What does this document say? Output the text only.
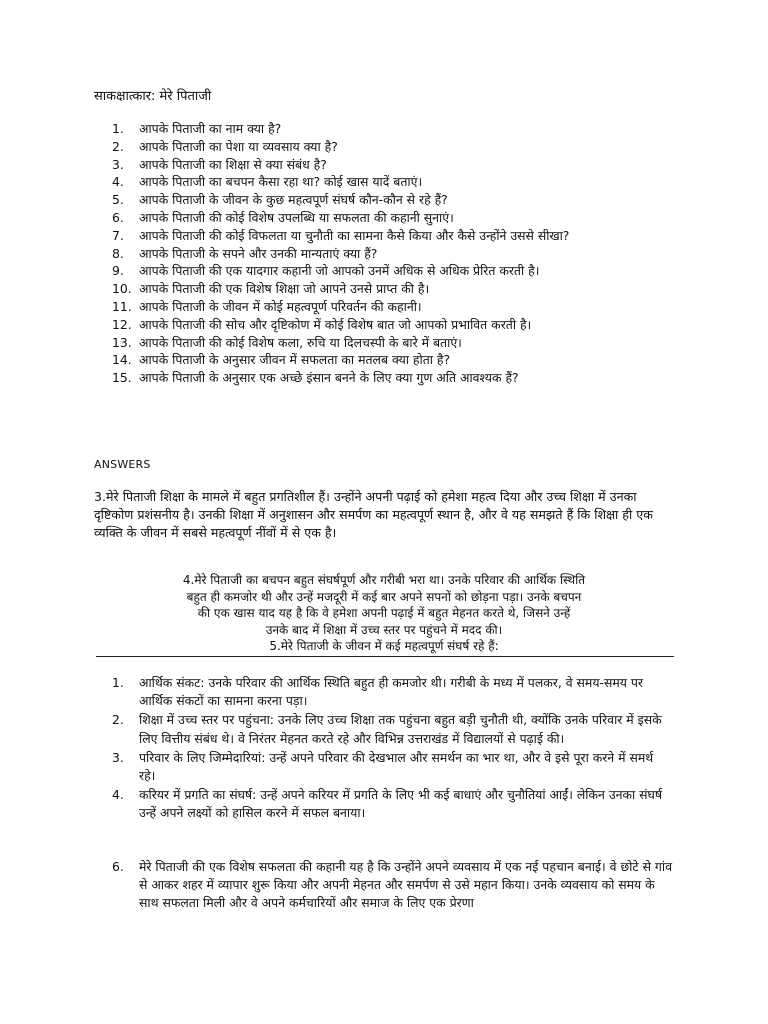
साकक्षात्कार: मेरे पिताजी
1.	आपके पिताजी का नाम क्या है?
2.	आपके पिताजी का पेशा या व्यवसाय क्या है?
3.	आपके पिताजी का शिक्षा से क्या संबंध है?
4.	आपके पिताजी का बचपन कैसा रहा था? कोई खास यादें बताएं।
5.	आपके पिताजी के जीवन के कुछ महत्वपूर्ण संघर्ष कौन-कौन से रहे हैं?
6.	आपके पिताजी की कोई विशेष उपलब्धि या सफलता की कहानी सुनाएं।
7.	आपके पिताजी की कोई विफलता या चुनौती का सामना कैसे किया और कैसे उन्होंने उससे सीखा?
8.	आपके पिताजी के सपने और उनकी मान्यताएं क्या हैं?
9.	आपके पिताजी की एक यादगार कहानी जो आपको उनमें अधिक से अधिक प्रेरित करती है।
10. आपके पिताजी की एक विशेष शिक्षा जो आपने उनसे प्राप्त की है।
11. आपके पिताजी के जीवन में कोई महत्वपूर्ण परिवर्तन की कहानी।
12. आपके पिताजी की सोच और दृष्टिकोण में कोई विशेष बात जो आपको प्रभावित करती है।
13. आपके पिताजी की कोई विशेष कला, रुचि या दिलचस्पी के बारे में बताएं।
14. आपके पिताजी के अनुसार जीवन में सफलता का मतलब क्या होता है?
15. आपके पिताजी के अनुसार एक अच्छे इंसान बनने के लिए क्या गुण अति आवश्यक हैं?
ANSWERS

3.मेरे पिताजी शिक्षा के मामले में बहुत प्रगतिशील हैं। उन्होंने अपनी पढ़ाई को हमेशा महत्व दिया और उच्च शिक्षा में उनका दृष्टिकोण प्रशंसनीय है। उनकी शिक्षा में अनुशासन और समर्पण का महत्वपूर्ण स्थान है, और वे यह समझते हैं कि शिक्षा ही एक व्यक्ति के जीवन में सबसे महत्वपूर्ण नींवों में से एक है।

4.मेरे पिताजी का बचपन बहुत संघर्षपूर्ण और गरीबी भरा था। उनके परिवार की आर्थिक स्थिति

बहुत ही कमजोर थी और उन्हें मजदूरी में कई बार अपने सपनों को छोड़ना पड़ा। उनके बचपन

की एक खास याद यह है कि वे हमेशा अपनी पढ़ाई में बहुत मेहनत करते थे, जिसने उन्हें

उनके बाद में शिक्षा में उच्च स्तर पर पहुंचने में मदद की।

5.मेरे पिताजी के जीवन में कई महत्वपूर्ण संघर्ष रहे हैं:

1. आर्थिक संकट: उनके परिवार की आर्थिक स्थिति बहुत ही कमजोर थी। गरीबी के मध्य में पलकर, वे समय-समय पर आर्थिक संकटों का सामना करना पड़ा।
2. शिक्षा में उच्च स्तर पर पहुंचना: उनके लिए उच्च शिक्षा तक पहुंचना बहुत बड़ी चुनौती थी, क्योंकि उनके परिवार में इसके लिए वित्तीय संबंध थे। वे निरंतर मेहनत करते रहे और विभिन्न उत्तराखंड में विद्यालयों से पढ़ाई की।
3. परिवार के लिए जिम्मेदारियां: उन्हें अपने परिवार की देखभाल और समर्थन का भार था, और वे इसे पूरा करने में समर्थ रहे।
4. करियर में प्रगति का संघर्ष: उन्हें अपने करियर में प्रगति के लिए भी कई बाधाएं और चुनौतियां आईं। लेकिन उनका संघर्ष उन्हें अपने लक्ष्यों को हासिल करने में सफल बनाया।
6. मेरे पिताजी की एक विशेष सफलता की कहानी यह है कि उन्होंने अपने व्यवसाय में एक नई पहचान बनाई। वे छोटे से गांव से आकर शहर में व्यापार शुरू किया और अपनी मेहनत और समर्पण से उसे महान किया। उनके व्यवसाय को समय के साथ सफलता मिली और वे अपने कर्मचारियों और समाज के लिए एक प्रेरणा
